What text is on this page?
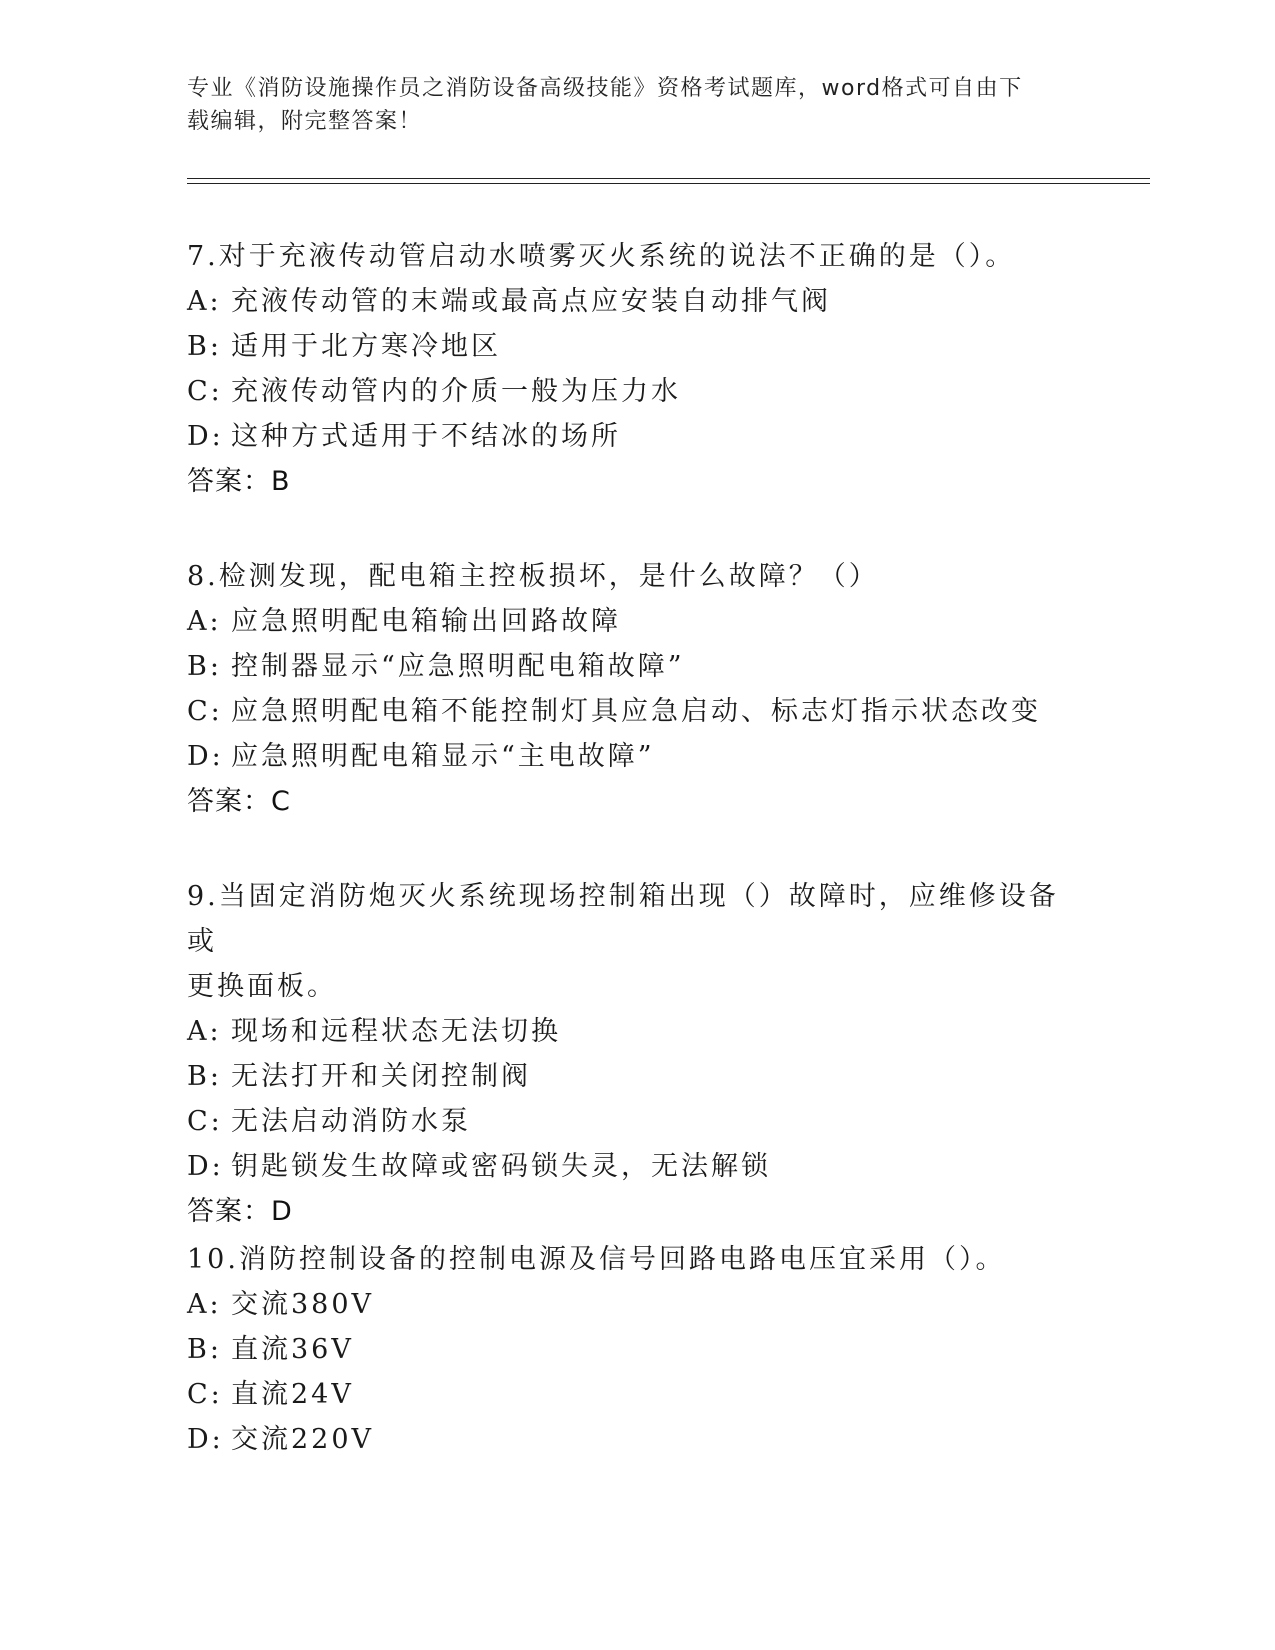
专业《消防设施操作员之消防设备高级技能》资格考试题库，word格式可自由下
载编辑，附完整答案！

7.对于充液传动管启动水喷雾灭火系统的说法不正确的是（）。

A: 充液传动管的末端或最高点应安装自动排气阀
B: 适用于北方寒冷地区
C: 充液传动管内的介质一般为压力水
D: 这种方式适用于不结冰的场所
答案：B

8.检测发现，配电箱主控板损坏，是什么故障？（）

A: 应急照明配电箱输出回路故障
B: 控制器显示“应急照明配电箱故障”
C: 应急照明配电箱不能控制灯具应急启动、标志灯指示状态改变
D: 应急照明配电箱显示“主电故障”
答案：C

9.当固定消防炮灭火系统现场控制箱出现（）故障时，应维修设备或

更换面板。

A: 现场和远程状态无法切换
B: 无法打开和关闭控制阀
C: 无法启动消防水泵
D: 钥匙锁发生故障或密码锁失灵，无法解锁
答案：D

10.消防控制设备的控制电源及信号回路电路电压宜采用（）。

A: 交流380V
B: 直流36V
C: 直流24V
D: 交流220V
